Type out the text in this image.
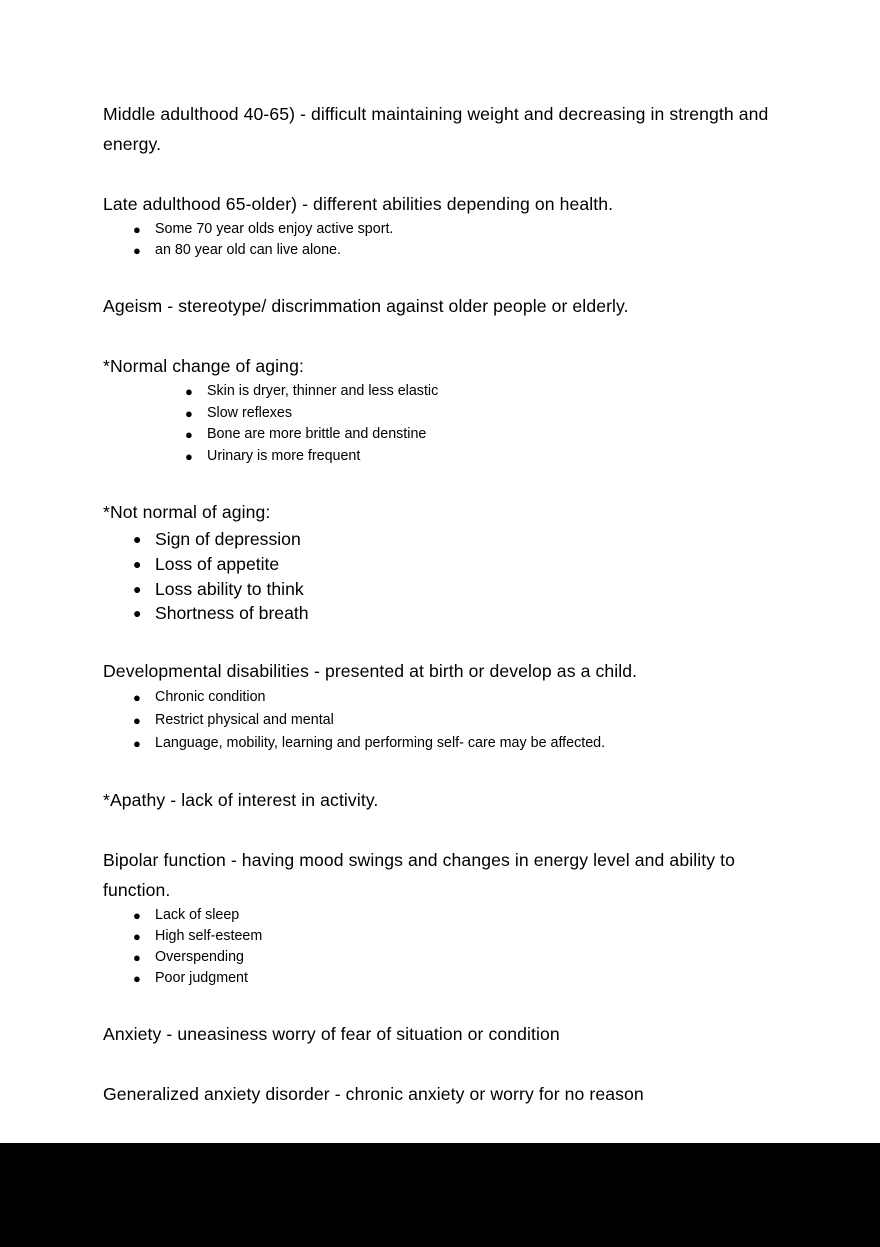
Middle adulthood 40-65) - difficult maintaining weight and decreasing in strength and energy.

Late adulthood 65-older) - different abilities depending on health.

● Some 70 year olds enjoy active sport.
● an 80 year old can live alone.

Ageism - stereotype/ discrimmation against older people or elderly.

*Normal change of aging:

● Skin is dryer, thinner and less elastic
● Slow reflexes
● Bone are more brittle and denstine
● Urinary is more frequent

*Not normal of aging:

● Sign of depression
● Loss of appetite
● Loss ability to think
● Shortness of breath

Developmental disabilities - presented at birth or develop as a child.

● Chronic condition
● Restrict physical and mental
● Language, mobility, learning and performing self- care may be affected.

*Apathy - lack of interest in activity.

Bipolar function - having mood swings and changes in energy level and ability to function.

● Lack of sleep
● High self-esteem
● Overspending
● Poor judgment

Anxiety - uneasiness worry of fear of situation or condition

Generalized anxiety disorder - chronic anxiety or worry for no reason
